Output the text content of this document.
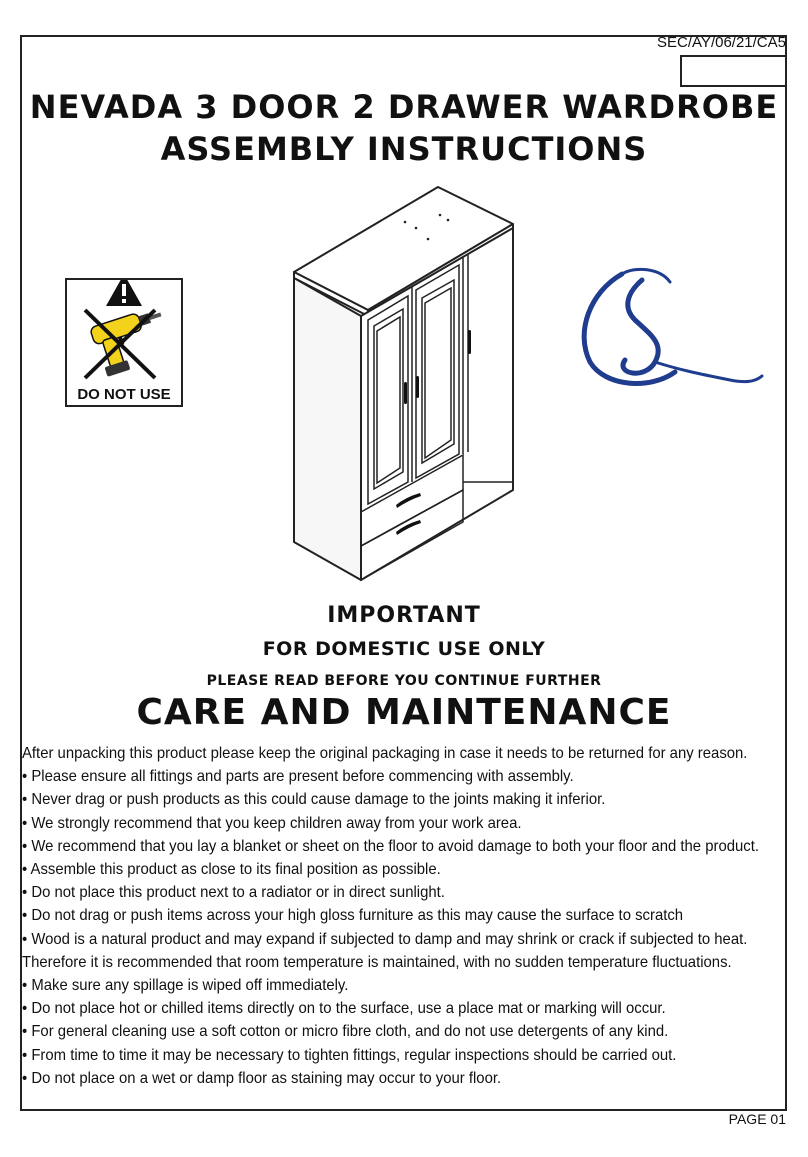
SEC/AY/06/21/CA5
NEVADA 3 DOOR 2 DRAWER WARDROBE
ASSEMBLY INSTRUCTIONS
DO NOT USE
IMPORTANT
FOR DOMESTIC USE ONLY
PLEASE READ BEFORE YOU CONTINUE FURTHER
CARE AND MAINTENANCE
After unpacking this product please keep the original packaging in case it needs to be returned for any reason.
• Please ensure all fittings and parts are present before commencing with assembly.
• Never drag or push products as this could cause damage to the joints making it inferior.
• We strongly recommend that you keep children away from your work area.
• We recommend that you lay a blanket or sheet on the floor to avoid damage to both your floor and the product.
• Assemble this product as close to its final position as possible.
• Do not place this product next to a radiator or in direct sunlight.
• Do not drag or push items across your high gloss furniture as this may cause the surface to scratch
• Wood is a natural product and may expand if subjected to damp and may shrink or crack if subjected to heat.
Therefore it is recommended that room temperature is maintained, with no sudden temperature fluctuations.
• Make sure any spillage is wiped off immediately.
• Do not place hot or chilled items directly on to the surface, use a place mat or marking will occur.
• For general cleaning use a soft cotton or micro fibre cloth, and do not use detergents of any kind.
• From time to time it may be necessary to tighten fittings, regular inspections should be carried out.
• Do not place on a wet or damp floor as staining may occur to your floor.
PAGE 01
